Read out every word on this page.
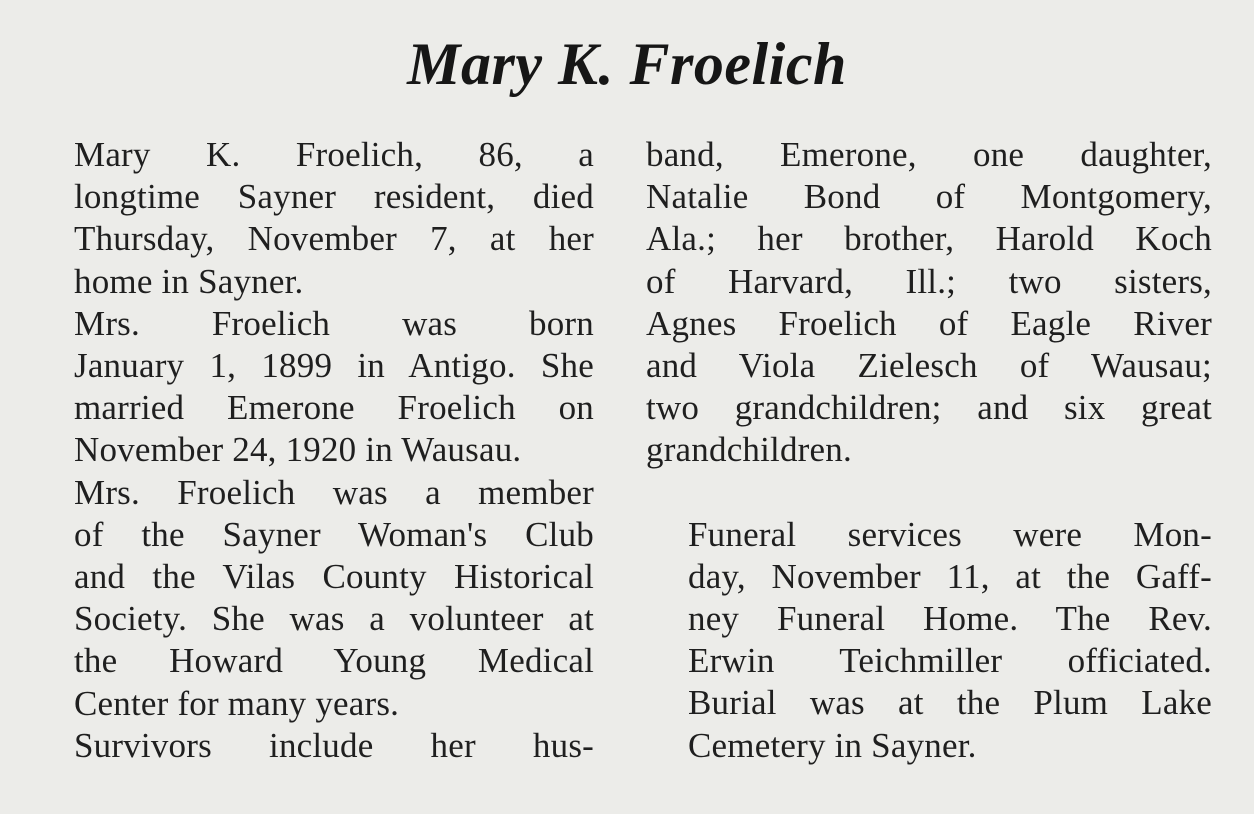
Mary K. Froelich

Mary K. Froelich, 86, a
longtime Sayner resident, died
Thursday, November 7, at her
home in Sayner.

Mrs. Froelich was born
January 1, 1899 in Antigo. She
married Emerone Froelich on
November 24, 1920 in Wausau.

Mrs. Froelich was a member
of the Sayner Woman's Club
and the Vilas County Historical
Society. She was a volunteer at
the Howard Young Medical
Center for many years.

Survivors include her hus-

band, Emerone, one daughter,
Natalie Bond of Montgomery,
Ala.; her brother, Harold Koch
of Harvard, Ill.; two sisters,
Agnes Froelich of Eagle River
and Viola Zielesch of Wausau;
two grandchildren; and six great
grandchildren.

Funeral services were Mon-
day, November 11, at the Gaff-
ney Funeral Home. The Rev.
Erwin Teichmiller officiated.
Burial was at the Plum Lake
Cemetery in Sayner.
